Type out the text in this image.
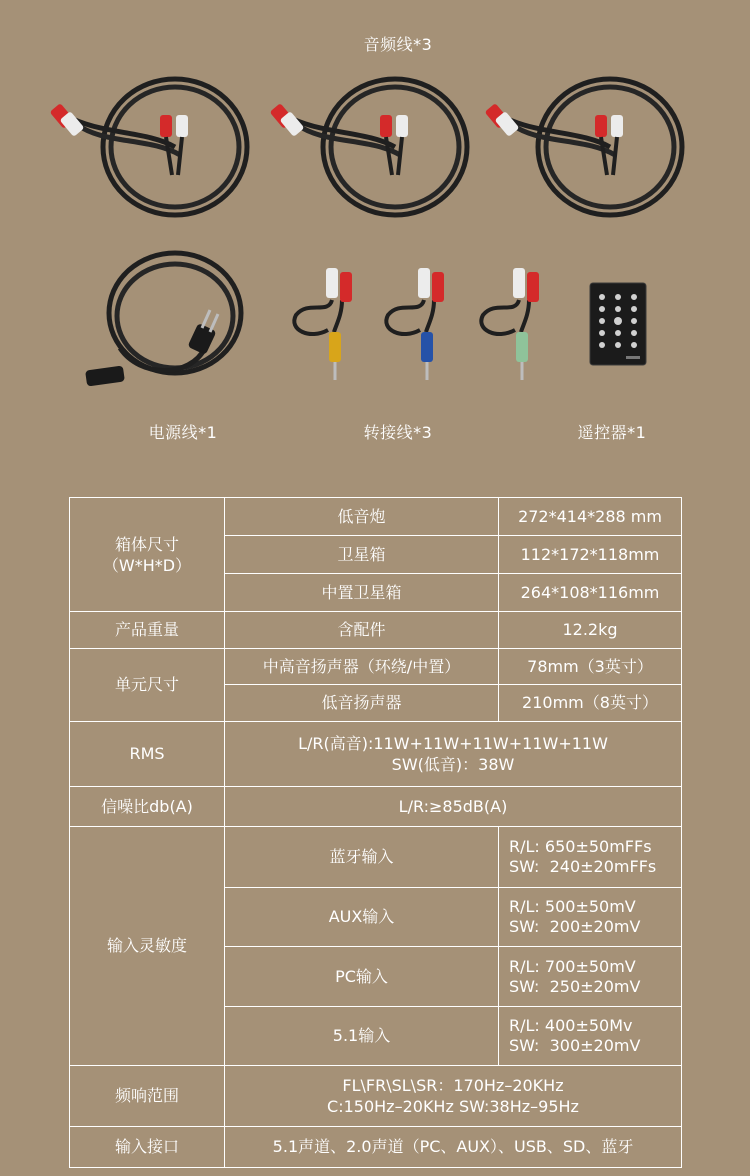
音频线*3
电源线*1	转接线*3	遥控器*1
箱体尺寸
（W*H*D）	低音炮	272*414*288 mm
	卫星箱	112*172*118mm
	中置卫星箱	264*108*116mm
产品重量	含配件	12.2kg
单元尺寸	中高音扬声器（环绕/中置）	78mm（3英寸）
	低音扬声器	210mm（8英寸）
RMS	L/R(高音):11W+11W+11W+11W+11W
SW(低音)：38W	
信噪比db(A)	L/R:≥85dB(A)	
输入灵敏度	蓝牙输入	R/L: 650±50mFFs
SW:  240±20mFFs
	AUX输入	R/L: 500±50mV
SW:  200±20mV
	PC输入	R/L: 700±50mV
SW:  250±20mV
	5.1输入	R/L: 400±50Mv
SW:  300±20mV
频响范围	FL\FR\SL\SR：170Hz–20KHz
C:150Hz–20KHz SW:38Hz–95Hz	
输入接口	5.1声道、2.0声道（PC、AUX）、USB、SD、蓝牙	
